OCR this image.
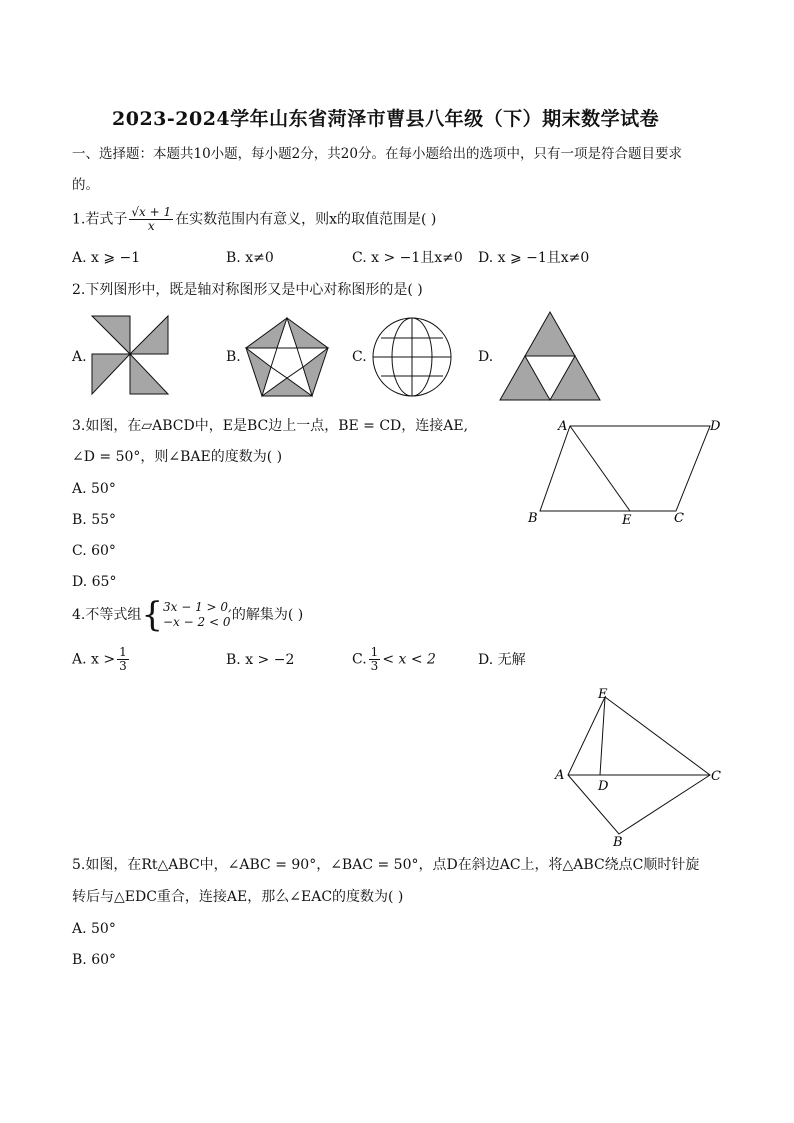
2023-2024学年山东省菏泽市曹县八年级（下）期末数学试卷
一、选择题：本题共10小题，每小题2分，共20分。在每小题给出的选项中，只有一项是符合题目要求
的。
1.若式子 $\frac{√x + 1}{x}$ 在实数范围内有意义，则x的取值范围是( )
A. x ⩾ −1	B. x≠0	C. x > −1且x≠0 D. x ⩾ −1且x≠0
2.下列图形中，既是轴对称图形又是中心对称图形的是( )
A.	B.	C.	D.
3.如图，在▱ABCD中，E是BC边上一点，BE = CD，连接AE,
∠D = 50°，则∠BAE的度数为( )
A. 50°
B. 55°
C. 60°
D. 65°
A	D
B	E	C
4.不等式组{ 3x − 1 > 0,
−x − 2 < 0 的解集为( )
A. $x > \frac{1}{3}$	B. x > −2	C. $\frac{1}{3} < x < 2$	D. 无解
E
A
D
C
B
5.如图，在Rt△ABC中，∠ABC = 90°，∠BAC = 50°，点D在斜边AC上，将△ABC绕点C顺时针旋
转后与△EDC重合，连接AE，那么∠EAC的度数为( )
A. 50°
B. 60°
